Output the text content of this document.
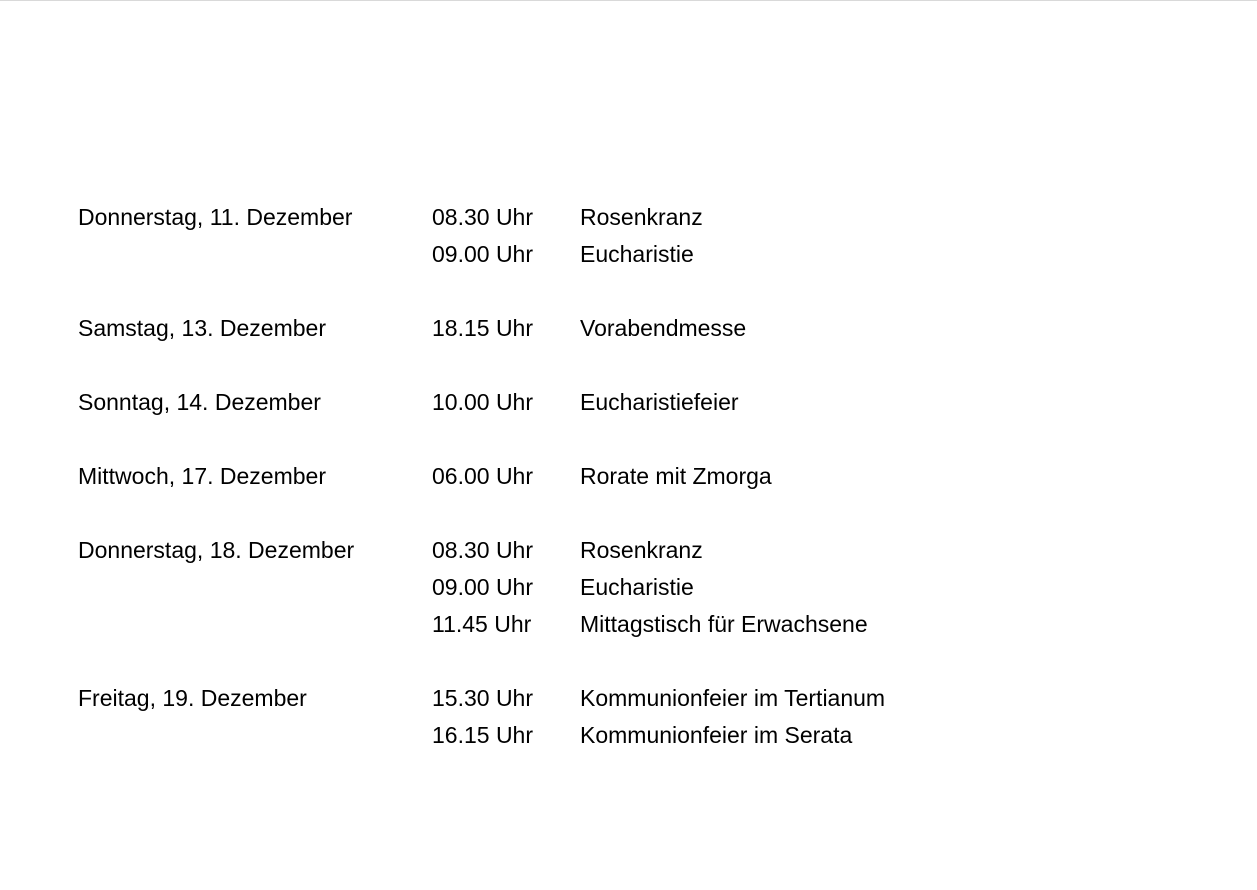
Donnerstag, 11. Dezember	08.30 Uhr Rosenkranz
09.00 Uhr Eucharistie
Samstag, 13. Dezember	18.15 Uhr Vorabendmesse
Sonntag, 14. Dezember	10.00 Uhr Eucharistiefeier
Mittwoch, 17. Dezember	06.00 Uhr Rorate mit Zmorga
Donnerstag, 18. Dezember	08.30 Uhr Rosenkranz
09.00 Uhr Eucharistie
11.45 Uhr Mittagstisch für Erwachsene
Freitag, 19. Dezember	15.30 Uhr Kommunionfeier im Tertianum
16.15 Uhr Kommunionfeier im Serata
